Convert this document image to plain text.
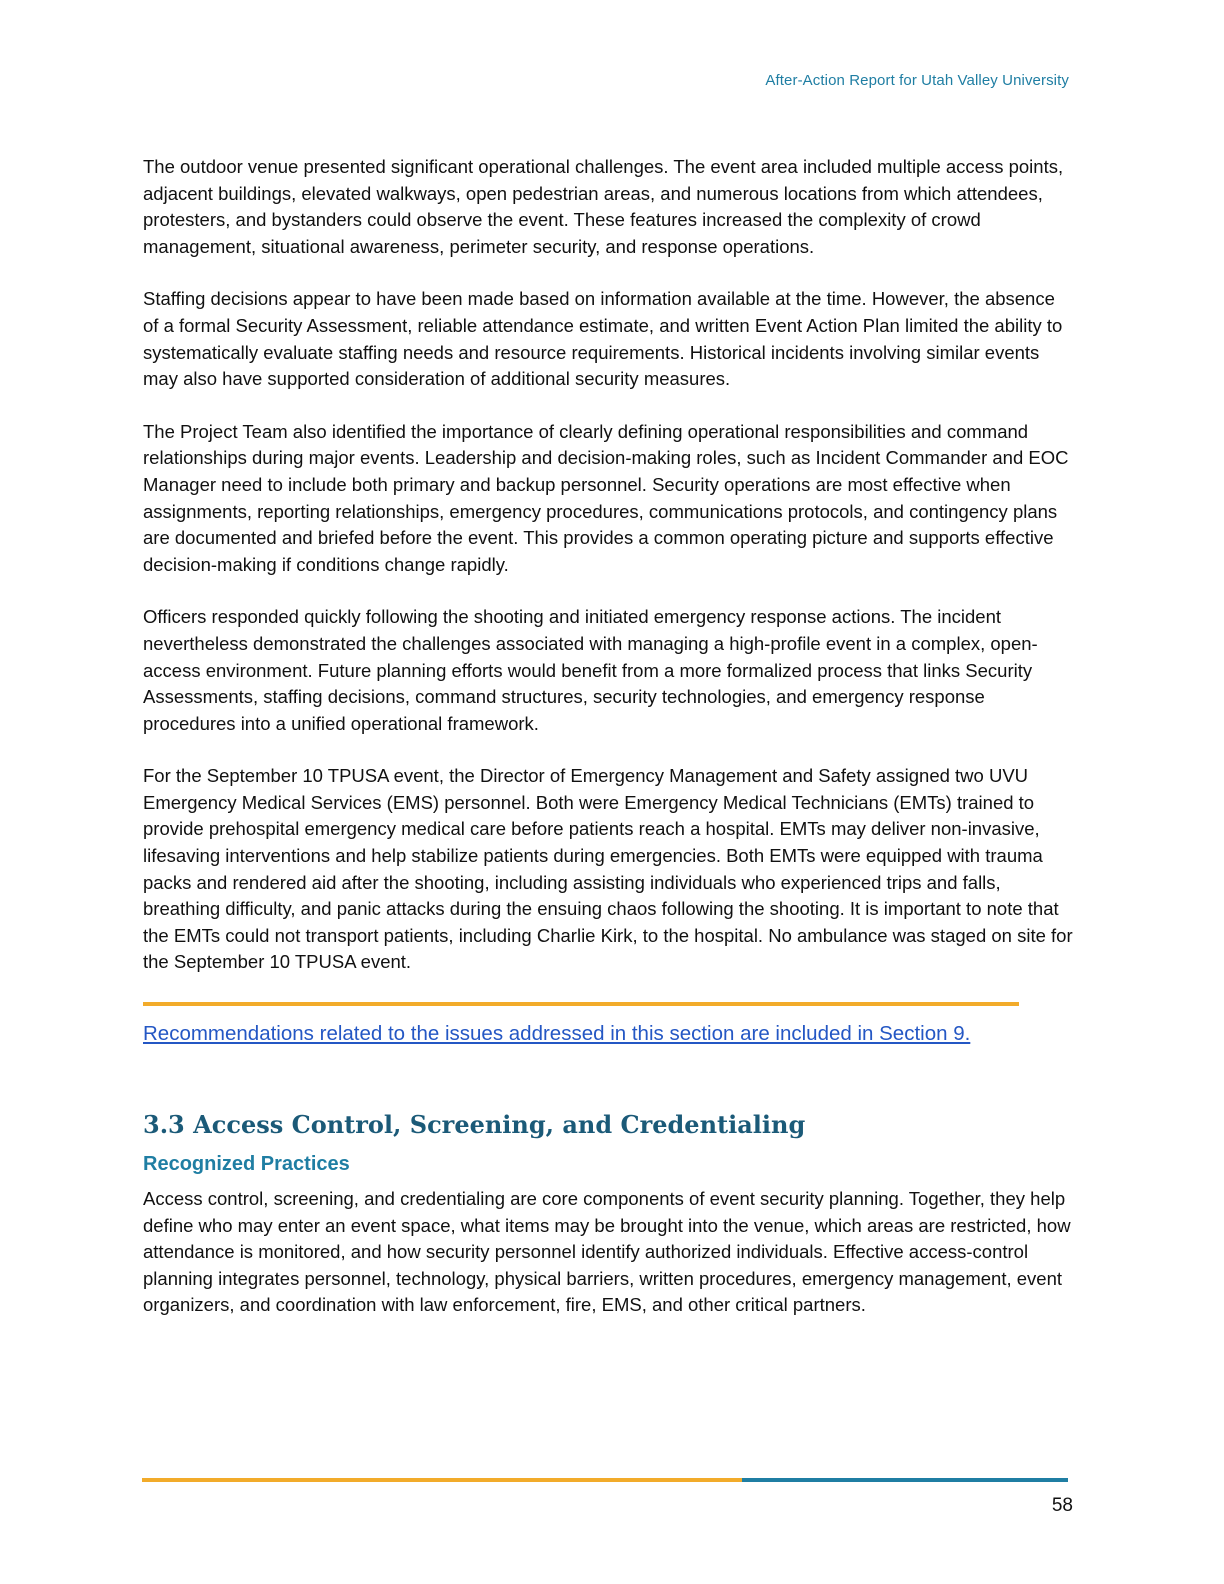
After-Action Report for Utah Valley University

The outdoor venue presented significant operational challenges. The event area included multiple access points, adjacent buildings, elevated walkways, open pedestrian areas, and numerous locations from which attendees, protesters, and bystanders could observe the event. These features increased the complexity of crowd management, situational awareness, perimeter security, and response operations.

Staffing decisions appear to have been made based on information available at the time. However, the absence of a formal Security Assessment, reliable attendance estimate, and written Event Action Plan limited the ability to systematically evaluate staffing needs and resource requirements. Historical incidents involving similar events may also have supported consideration of additional security measures.

The Project Team also identified the importance of clearly defining operational responsibilities and command relationships during major events. Leadership and decision-making roles, such as Incident Commander and EOC Manager need to include both primary and backup personnel. Security operations are most effective when assignments, reporting relationships, emergency procedures, communications protocols, and contingency plans are documented and briefed before the event. This provides a common operating picture and supports effective decision-making if conditions change rapidly.

Officers responded quickly following the shooting and initiated emergency response actions. The incident nevertheless demonstrated the challenges associated with managing a high-profile event in a complex, open-access environment. Future planning efforts would benefit from a more formalized process that links Security Assessments, staffing decisions, command structures, security technologies, and emergency response procedures into a unified operational framework.

For the September 10 TPUSA event, the Director of Emergency Management and Safety assigned two UVU Emergency Medical Services (EMS) personnel. Both were Emergency Medical Technicians (EMTs) trained to provide prehospital emergency medical care before patients reach a hospital. EMTs may deliver non-invasive, lifesaving interventions and help stabilize patients during emergencies. Both EMTs were equipped with trauma packs and rendered aid after the shooting, including assisting individuals who experienced trips and falls, breathing difficulty, and panic attacks during the ensuing chaos following the shooting. It is important to note that the EMTs could not transport patients, including Charlie Kirk, to the hospital. No ambulance was staged on site for the September 10 TPUSA event.

Recommendations related to the issues addressed in this section are included in Section 9.
3.3 Access Control, Screening, and Credentialing
Recognized Practices

Access control, screening, and credentialing are core components of event security planning. Together, they help define who may enter an event space, what items may be brought into the venue, which areas are restricted, how attendance is monitored, and how security personnel identify authorized individuals. Effective access-control planning integrates personnel, technology, physical barriers, written procedures, emergency management, event organizers, and coordination with law enforcement, fire, EMS, and other critical partners.

58
